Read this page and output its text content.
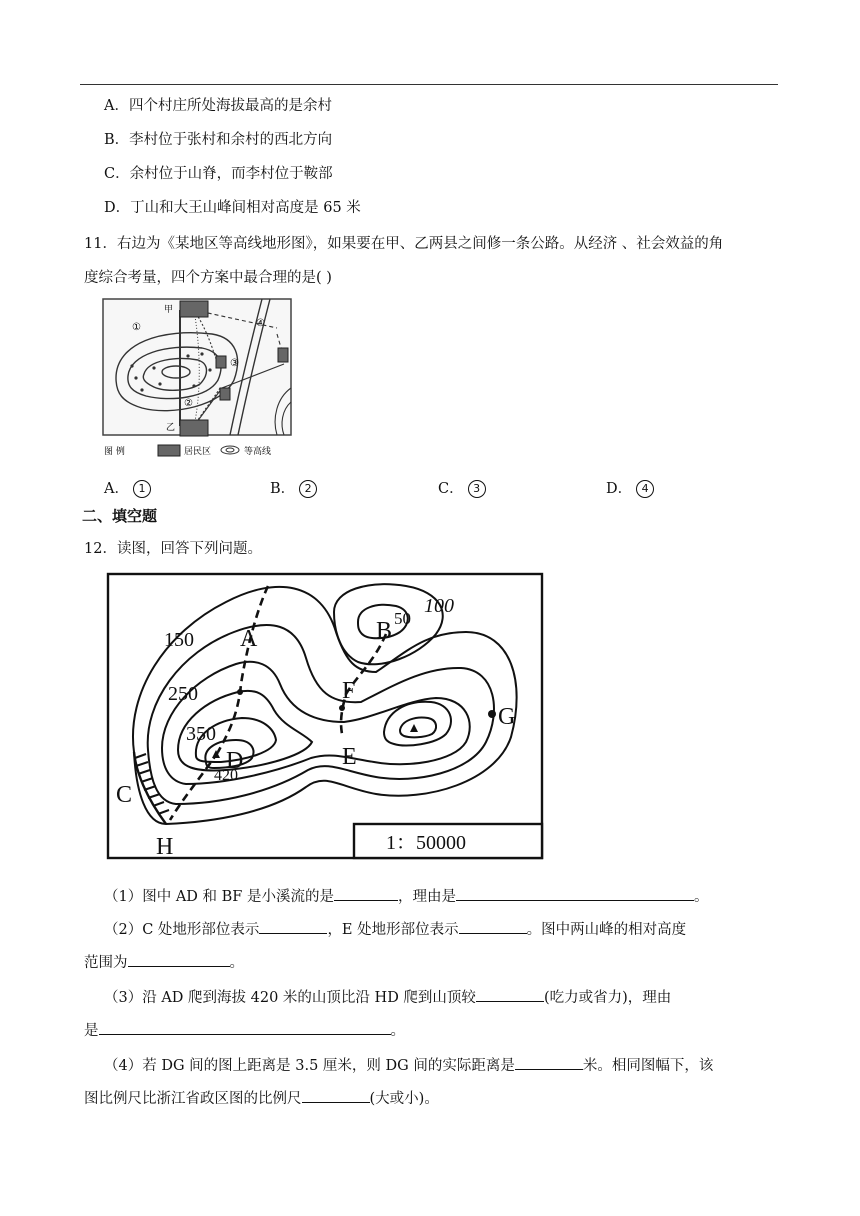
A．四个村庄所处海拔最高的是余村
B．李村位于张村和余村的西北方向
C．余村位于山脊，而李村位于鞍部
D．丁山和大王山峰间相对高度是 65 米
11．右边为《某地区等高线地形图》，如果要在甲、乙两县之间修一条公路。从经济 、社会效益的角
度综合考量，四个方案中最合理的是( )
甲
乙
①
②
③
④
图 例	居民区	等高线
A． 1	B． 2	C． 3	D． 4
二、填空题
12．读图，回答下列问题。
150
250
350
420
100
50
B
A
D
F
E
G
C
H	1：50000
（1）图中 AD 和 BF 是小溪流的是	，理由是	。
（2）C 处地形部位表示	，E 处地形部位表示	。图中两山峰的相对高度
范围为	。
（3）沿 AD 爬到海拔 420 米的山顶比沿 HD 爬到山顶较	(吃力或省力)，理由
是	。
（4）若 DG 间的图上距离是 3.5 厘米，则 DG 间的实际距离是	米。相同图幅下，该
图比例尺比浙江省政区图的比例尺	(大或小)。
